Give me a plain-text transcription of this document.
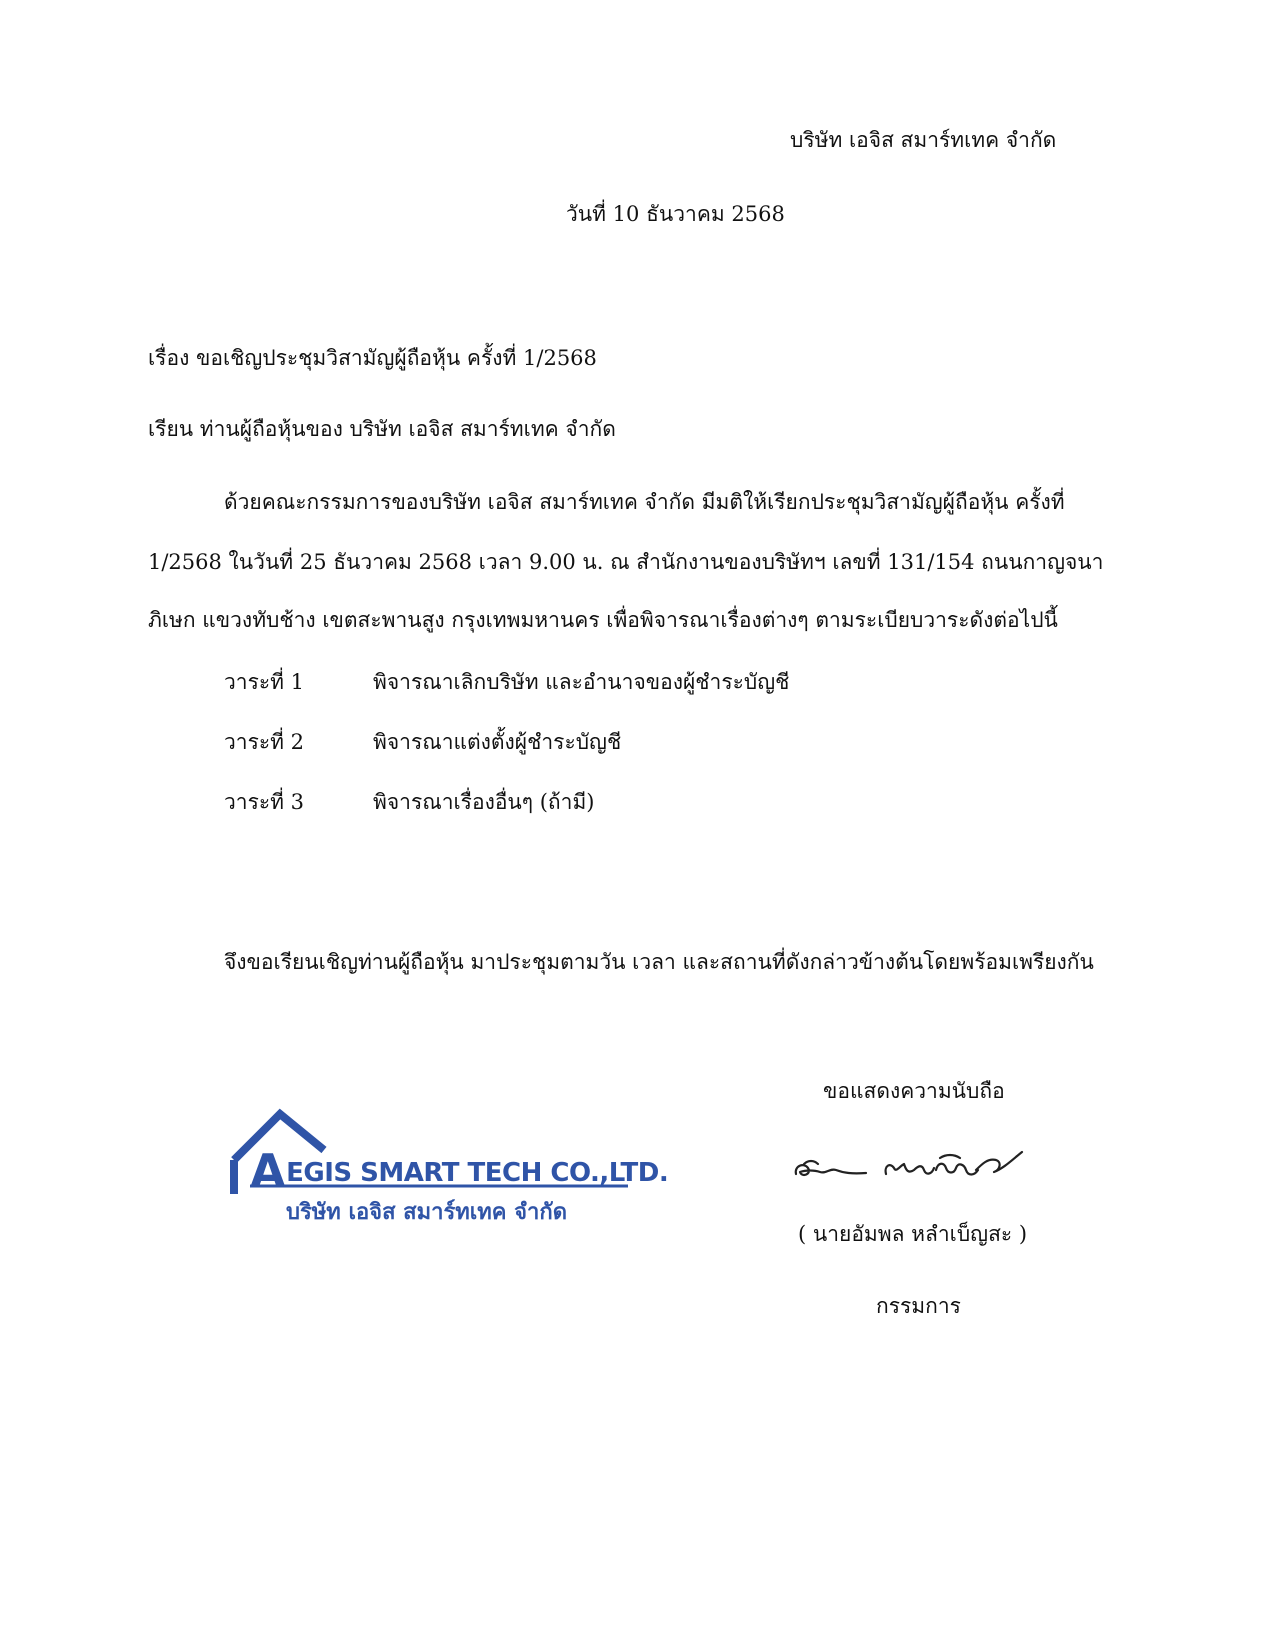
บริษัท เอจิส สมาร์ทเทค จำกัด
วันที่ 10 ธันวาคม 2568
เรื่อง ขอเชิญประชุมวิสามัญผู้ถือหุ้น ครั้งที่ 1/2568
เรียน ท่านผู้ถือหุ้นของ บริษัท เอจิส สมาร์ทเทค จำกัด
ด้วยคณะกรรมการของบริษัท เอจิส สมาร์ทเทค จำกัด มีมติให้เรียกประชุมวิสามัญผู้ถือหุ้น ครั้งที่
1/2568 ในวันที่ 25 ธันวาคม 2568 เวลา 9.00 น. ณ สำนักงานของบริษัทฯ เลขที่ 131/154 ถนนกาญจนา
ภิเษก แขวงทับช้าง เขตสะพานสูง กรุงเทพมหานคร เพื่อพิจารณาเรื่องต่างๆ ตามระเบียบวาระดังต่อไปนี้
วาระที่ 1	พิจารณาเลิกบริษัท และอำนาจของผู้ชำระบัญชี
วาระที่ 2	พิจารณาแต่งตั้งผู้ชำระบัญชี
วาระที่ 3	พิจารณาเรื่องอื่นๆ (ถ้ามี)
จึงขอเรียนเชิญท่านผู้ถือหุ้น มาประชุมตามวัน เวลา และสถานที่ดังกล่าวข้างต้นโดยพร้อมเพรียงกัน
ขอแสดงความนับถือ
( นายอัมพล หลำเบ็ญสะ )
กรรมการ
AEGIS SMART TECH CO.,LTD.
บริษัท เอจิส สมาร์ทเทค จำกัด
